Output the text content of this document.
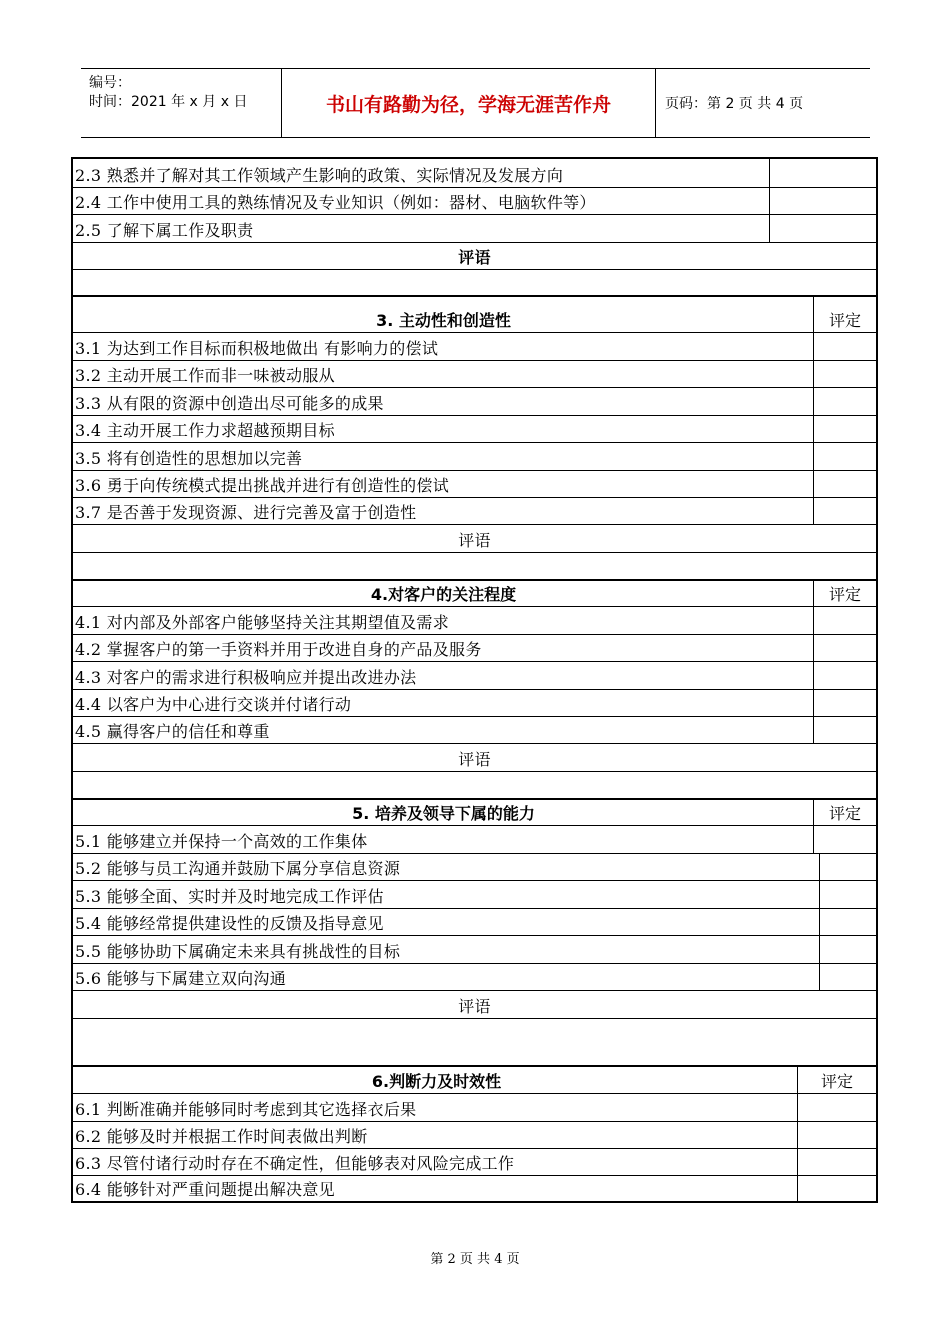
编号：
时间：2021 年 x 月 x 日	书山有路勤为径，学海无涯苦作舟	页码：第 2 页 共 4 页
2.3 熟悉并了解对其工作领域产生影响的政策、实际情况及发展方向
2.4 工作中使用工具的熟练情况及专业知识（例如：器材、电脑软件等）
2.5 了解下属工作及职责
评语
3. 主动性和创造性	评定
3.1 为达到工作目标而积极地做出 有影响力的偿试
3.2 主动开展工作而非一味被动服从
3.3 从有限的资源中创造出尽可能多的成果
3.4 主动开展工作力求超越预期目标
3.5 将有创造性的思想加以完善
3.6 勇于向传统模式提出挑战并进行有创造性的偿试
3.7 是否善于发现资源、进行完善及富于创造性
评语
4.对客户的关注程度	评定
4.1 对内部及外部客户能够坚持关注其期望值及需求
4.2 掌握客户的第一手资料并用于改进自身的产品及服务
4.3 对客户的需求进行积极响应并提出改进办法
4.4 以客户为中心进行交谈并付诸行动
4.5 赢得客户的信任和尊重
评语
5. 培养及领导下属的能力	评定
5.1 能够建立并保持一个高效的工作集体
5.2 能够与员工沟通并鼓励下属分享信息资源
5.3 能够全面、实时并及时地完成工作评估
5.4 能够经常提供建设性的反馈及指导意见
5.5 能够协助下属确定未来具有挑战性的目标
5.6 能够与下属建立双向沟通
评语
6.判断力及时效性	评定
6.1 判断准确并能够同时考虑到其它选择衣后果
6.2 能够及时并根据工作时间表做出判断
6.3 尽管付诸行动时存在不确定性，但能够表对风险完成工作
6.4 能够针对严重问题提出解决意见
第 2 页 共 4 页
